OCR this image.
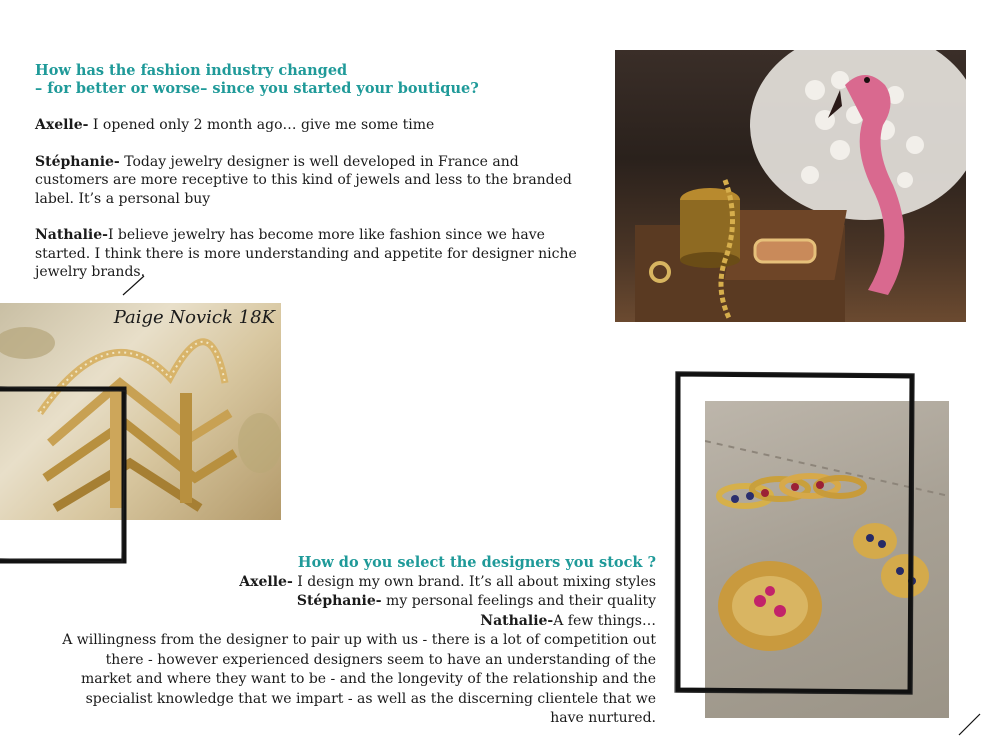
How has the fashion industry changed

– for better or worse– since you started your boutique?

Axelle- I opened only 2 month ago… give me some time

Stéphanie- Today jewelry designer is well developed in France and customers are more receptive to this kind of jewels and less to the branded label. It’s a personal buy

Nathalie-I believe jewelry has become more like fashion since we have started. I think there is more understanding and appetite for designer niche jewelry brands.

Paige Novick 18K

How do you select the designers you stock ?

Axelle- I design my own brand. It’s all about mixing styles

Stéphanie- my personal feelings and their quality

Nathalie-A few things…

A willingness from the designer to pair up with us - there is a lot of competition out there - however experienced designers seem to have an understanding of the market and where they want to be - and the longevity of the relationship and the specialist knowledge that we impart - as well as the discerning clientele that we have nurtured.
